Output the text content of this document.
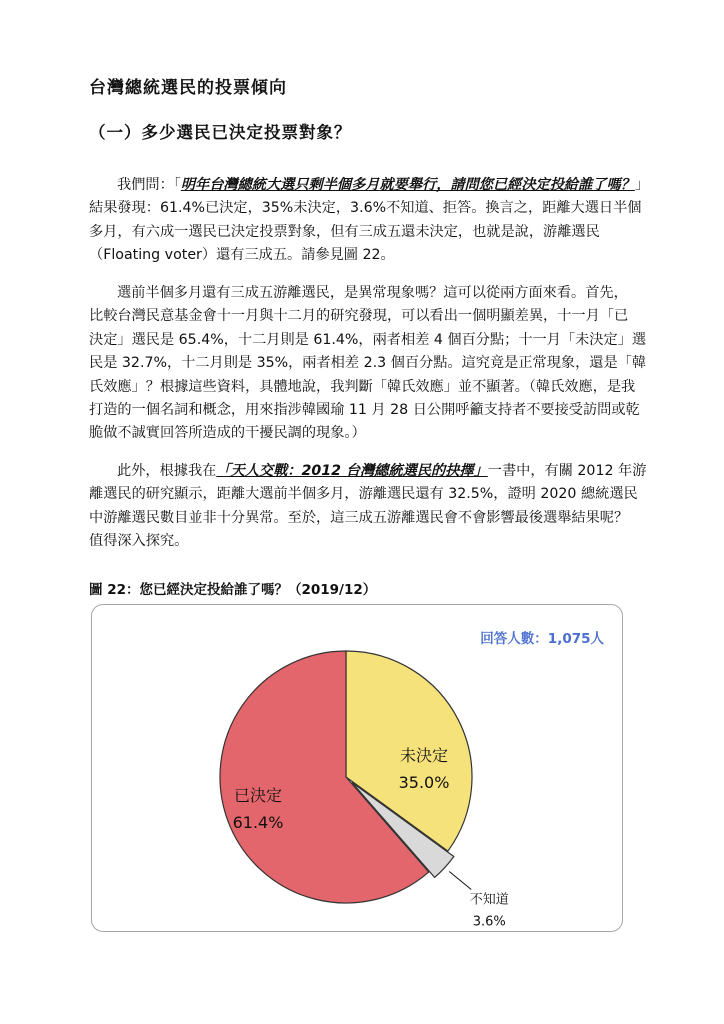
台灣總統選民的投票傾向
（一）多少選民已決定投票對象？
我們問：「明年台灣總統大選只剩半個多月就要舉行，請問您已經決定投給誰了嗎？」
結果發現：61.4%已決定，35%未決定，3.6%不知道、拒答。換言之，距離大選日半個
多月，有六成一選民已決定投票對象，但有三成五還未決定，也就是說，游離選民
（Floating voter）還有三成五。請參見圖 22。
選前半個多月還有三成五游離選民，是異常現象嗎？這可以從兩方面來看。首先，
比較台灣民意基金會十一月與十二月的研究發現，可以看出一個明顯差異，十一月「已
決定」選民是 65.4%，十二月則是 61.4%，兩者相差 4 個百分點；十一月「未決定」選
民是 32.7%，十二月則是 35%，兩者相差 2.3 個百分點。這究竟是正常現象，還是「韓
氏效應」？根據這些資料，具體地說，我判斷「韓氏效應」並不顯著。（韓氏效應，是我
打造的一個名詞和概念，用來指涉韓國瑜 11 月 28 日公開呼籲支持者不要接受訪問或乾
脆做不誠實回答所造成的干擾民調的現象。）
此外，根據我在「天人交戰：2012 台灣總統選民的抉擇」一書中，有關 2012 年游
離選民的研究顯示，距離大選前半個多月，游離選民還有 32.5%，證明 2020 總統選民
中游離選民數目並非十分異常。至於，這三成五游離選民會不會影響最後選舉結果呢？
值得深入探究。
圖 22：您已經決定投給誰了嗎？（2019/12）
回答人數：1,075人
未決定
35.0%
不知道
3.6%
已決定
61.4%
